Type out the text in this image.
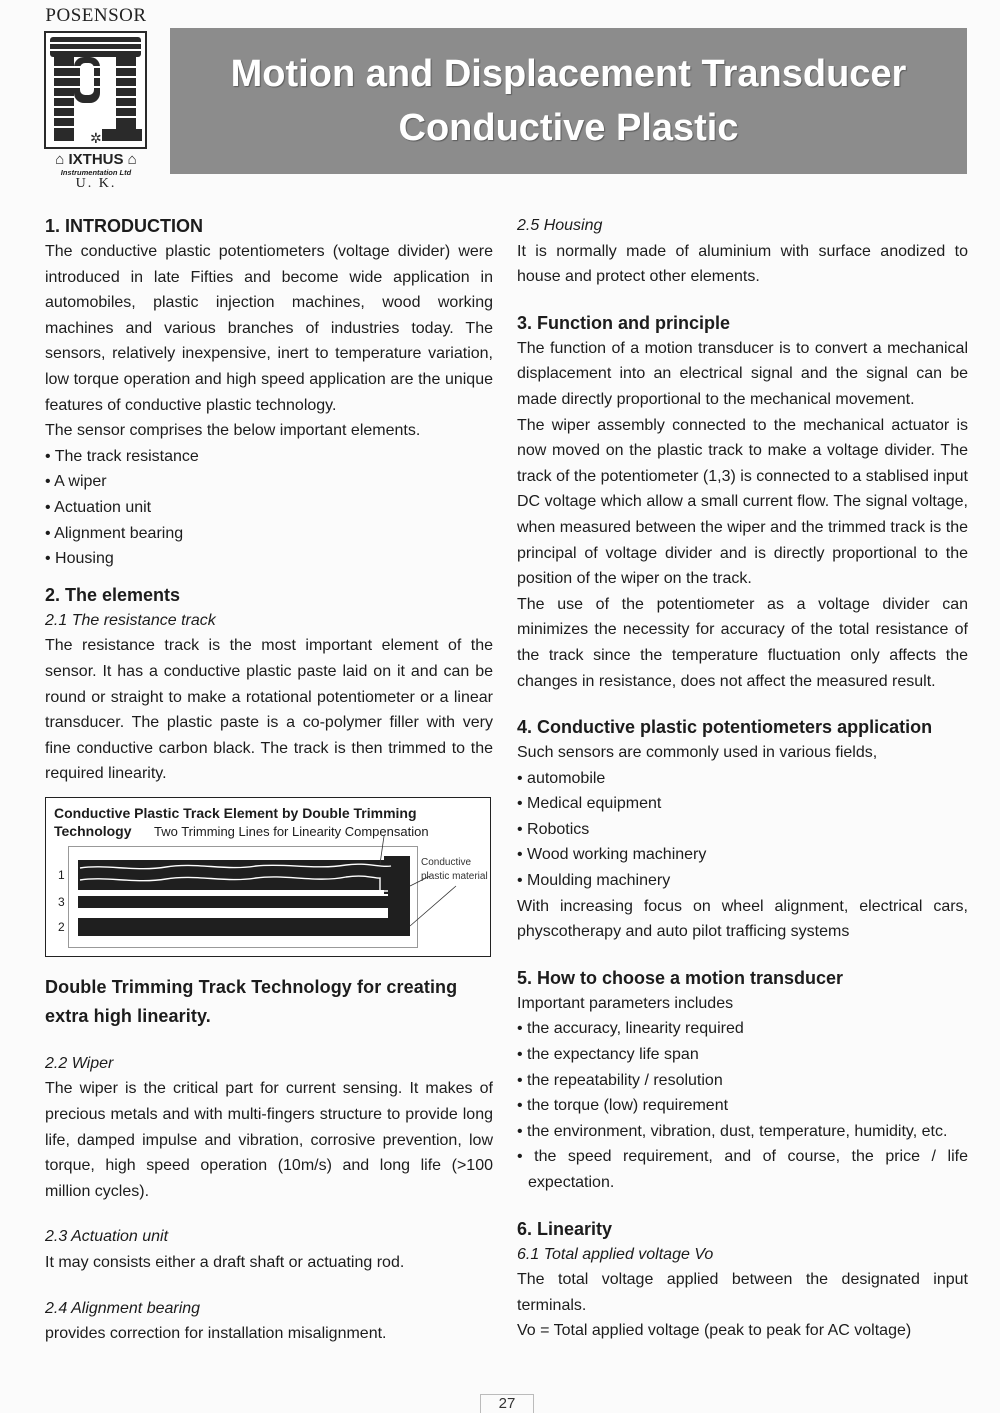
POSENSOR
✲
⌂ IXTHUS ⌂
Instrumentation Ltd
U. K.
Motion and Displacement Transducer
Conductive Plastic
1. INTRODUCTION

The conductive plastic potentiometers (voltage divider) were introduced in late Fifties and become wide application in automobiles, plastic injection machines, wood working machines and various branches of industries today. The sensors, relatively inexpensive, inert to temperature variation, low torque operation and high speed application are the unique features of conductive plastic technology.

The sensor comprises the below important elements.

• The track resistance
• A wiper
• Actuation unit
• Alignment bearing
• Housing
2. The elements
2.1 The resistance track

The resistance track is the most important element of the sensor. It has a conductive plastic paste laid on it and can be round or straight to make a rotational potentiometer or a linear transducer. The plastic paste is a co-polymer filler with very fine conductive carbon black. The track is then trimmed to the required linearity.

Conductive Plastic Track Element by Double Trimming Technology	Two Trimming Lines for Linearity Compensation
1
3
2
Conductive
plastic material
Double Trimming Track Technology for creating
extra high linearity.
2.2 Wiper

The wiper is the critical part for current sensing. It makes of precious metals and with multi-fingers structure to provide long life, damped impulse and vibration, corrosive prevention, low torque, high speed operation (10m/s) and long life (>100 million cycles).

2.3 Actuation unit

It may consists either a draft shaft or actuating rod.

2.4 Alignment bearing

provides correction for installation misalignment.

2.5 Housing

It is normally made of aluminium with surface anodized to house and protect other elements.

3. Function and principle

The function of a motion transducer is to convert a mechanical displacement into an electrical signal and the signal can be made directly proportional to the mechanical movement.

The wiper assembly connected to the mechanical actuator is now moved on the plastic track to make a voltage divider. The track of the potentiometer (1,3) is connected to a stablised input DC voltage which allow a small current flow. The signal voltage, when measured between the wiper and the trimmed track is the principal of voltage divider and is directly proportional to the position of the wiper on the track.

The use of the potentiometer as a voltage divider can minimizes the necessity for accuracy of the total resistance of the track since the temperature fluctuation only affects the changes in resistance, does not affect the measured result.

4. Conductive plastic potentiometers application

Such sensors are commonly used in various fields,

• automobile
• Medical equipment
• Robotics
• Wood working machinery
• Moulding machinery

With increasing focus on wheel alignment, electrical cars, physcotherapy and auto pilot trafficing systems

5. How to choose a motion transducer

Important parameters includes

• the accuracy, linearity required
• the expectancy life span
• the repeatability / resolution
• the torque (low) requirement
• the environment, vibration, dust, temperature, humidity, etc.
• the speed requirement, and of course, the price / life expectation.
6. Linearity
6.1 Total applied voltage Vo

The total voltage applied between the designated input terminals.

Vo = Total applied voltage (peak to peak for AC voltage)

27
